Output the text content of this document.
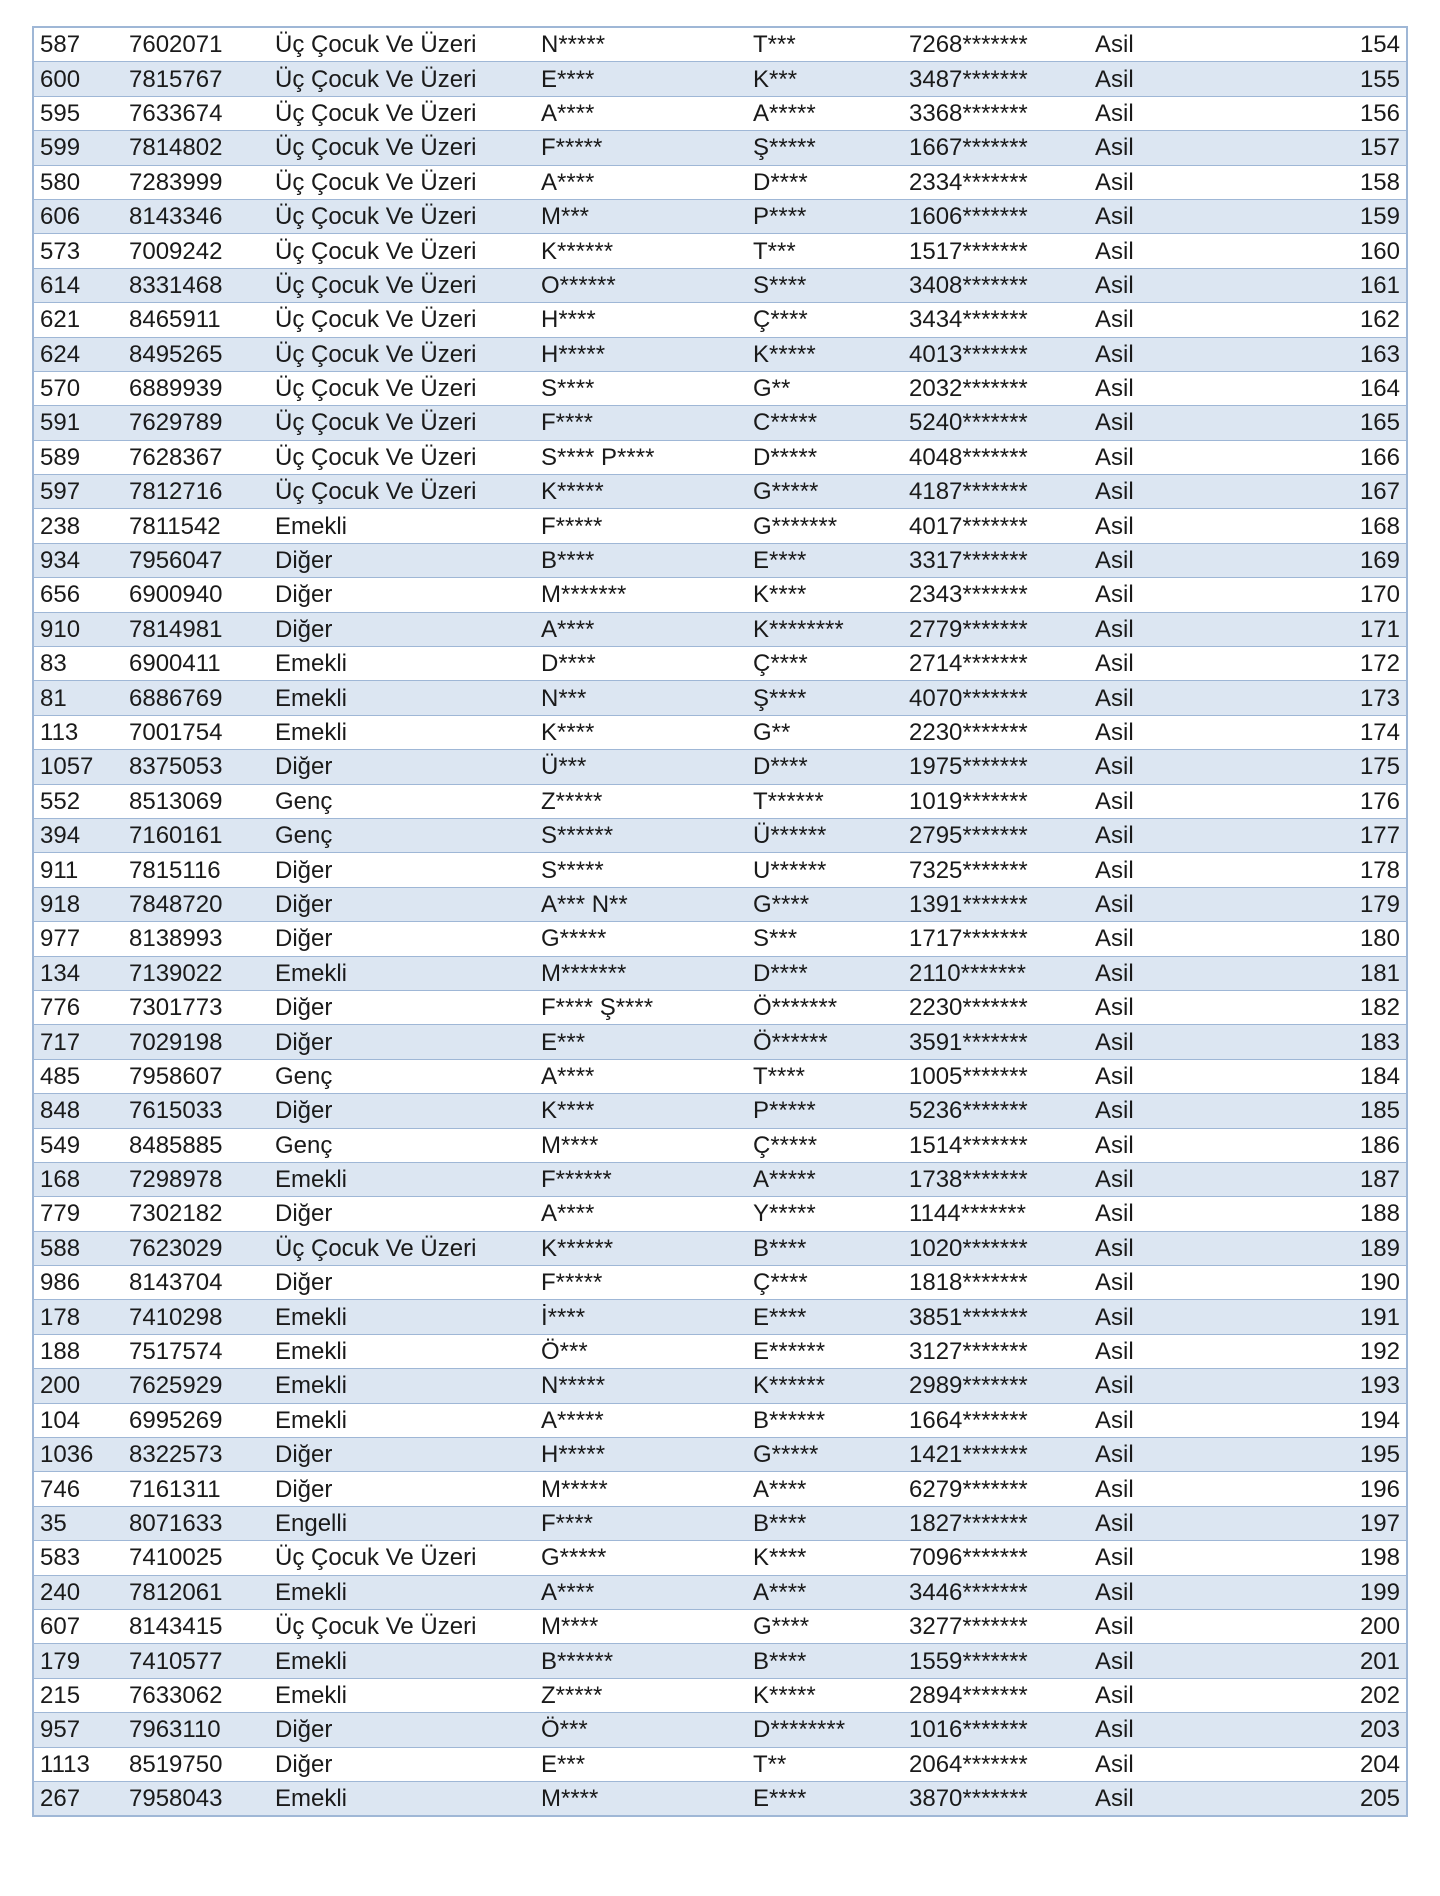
587	7602071	Üç Çocuk Ve Üzeri	N*****	T***	7268*******	Asil	154
600	7815767	Üç Çocuk Ve Üzeri	E****	K***	3487*******	Asil	155
595	7633674	Üç Çocuk Ve Üzeri	A****	A*****	3368*******	Asil	156
599	7814802	Üç Çocuk Ve Üzeri	F*****	Ş*****	1667*******	Asil	157
580	7283999	Üç Çocuk Ve Üzeri	A****	D****	2334*******	Asil	158
606	8143346	Üç Çocuk Ve Üzeri	M***	P****	1606*******	Asil	159
573	7009242	Üç Çocuk Ve Üzeri	K******	T***	1517*******	Asil	160
614	8331468	Üç Çocuk Ve Üzeri	O******	S****	3408*******	Asil	161
621	8465911	Üç Çocuk Ve Üzeri	H****	Ç****	3434*******	Asil	162
624	8495265	Üç Çocuk Ve Üzeri	H*****	K*****	4013*******	Asil	163
570	6889939	Üç Çocuk Ve Üzeri	S****	G**	2032*******	Asil	164
591	7629789	Üç Çocuk Ve Üzeri	F****	C*****	5240*******	Asil	165
589	7628367	Üç Çocuk Ve Üzeri	S**** P****	D*****	4048*******	Asil	166
597	7812716	Üç Çocuk Ve Üzeri	K*****	G*****	4187*******	Asil	167
238	7811542	Emekli	F*****	G*******	4017*******	Asil	168
934	7956047	Diğer	B****	E****	3317*******	Asil	169
656	6900940	Diğer	M*******	K****	2343*******	Asil	170
910	7814981	Diğer	A****	K********	2779*******	Asil	171
83	6900411	Emekli	D****	Ç****	2714*******	Asil	172
81	6886769	Emekli	N***	Ş****	4070*******	Asil	173
113	7001754	Emekli	K****	G**	2230*******	Asil	174
1057	8375053	Diğer	Ü***	D****	1975*******	Asil	175
552	8513069	Genç	Z*****	T******	1019*******	Asil	176
394	7160161	Genç	S******	Ü******	2795*******	Asil	177
911	7815116	Diğer	S*****	U******	7325*******	Asil	178
918	7848720	Diğer	A*** N**	G****	1391*******	Asil	179
977	8138993	Diğer	G*****	S***	1717*******	Asil	180
134	7139022	Emekli	M*******	D****	2110*******	Asil	181
776	7301773	Diğer	F**** Ş****	Ö*******	2230*******	Asil	182
717	7029198	Diğer	E***	Ö******	3591*******	Asil	183
485	7958607	Genç	A****	T****	1005*******	Asil	184
848	7615033	Diğer	K****	P*****	5236*******	Asil	185
549	8485885	Genç	M****	Ç*****	1514*******	Asil	186
168	7298978	Emekli	F******	A*****	1738*******	Asil	187
779	7302182	Diğer	A****	Y*****	1144*******	Asil	188
588	7623029	Üç Çocuk Ve Üzeri	K******	B****	1020*******	Asil	189
986	8143704	Diğer	F*****	Ç****	1818*******	Asil	190
178	7410298	Emekli	İ****	E****	3851*******	Asil	191
188	7517574	Emekli	Ö***	E******	3127*******	Asil	192
200	7625929	Emekli	N*****	K******	2989*******	Asil	193
104	6995269	Emekli	A*****	B******	1664*******	Asil	194
1036	8322573	Diğer	H*****	G*****	1421*******	Asil	195
746	7161311	Diğer	M*****	A****	6279*******	Asil	196
35	8071633	Engelli	F****	B****	1827*******	Asil	197
583	7410025	Üç Çocuk Ve Üzeri	G*****	K****	7096*******	Asil	198
240	7812061	Emekli	A****	A****	3446*******	Asil	199
607	8143415	Üç Çocuk Ve Üzeri	M****	G****	3277*******	Asil	200
179	7410577	Emekli	B******	B****	1559*******	Asil	201
215	7633062	Emekli	Z*****	K*****	2894*******	Asil	202
957	7963110	Diğer	Ö***	D********	1016*******	Asil	203
1113	8519750	Diğer	E***	T**	2064*******	Asil	204
267	7958043	Emekli	M****	E****	3870*******	Asil	205
